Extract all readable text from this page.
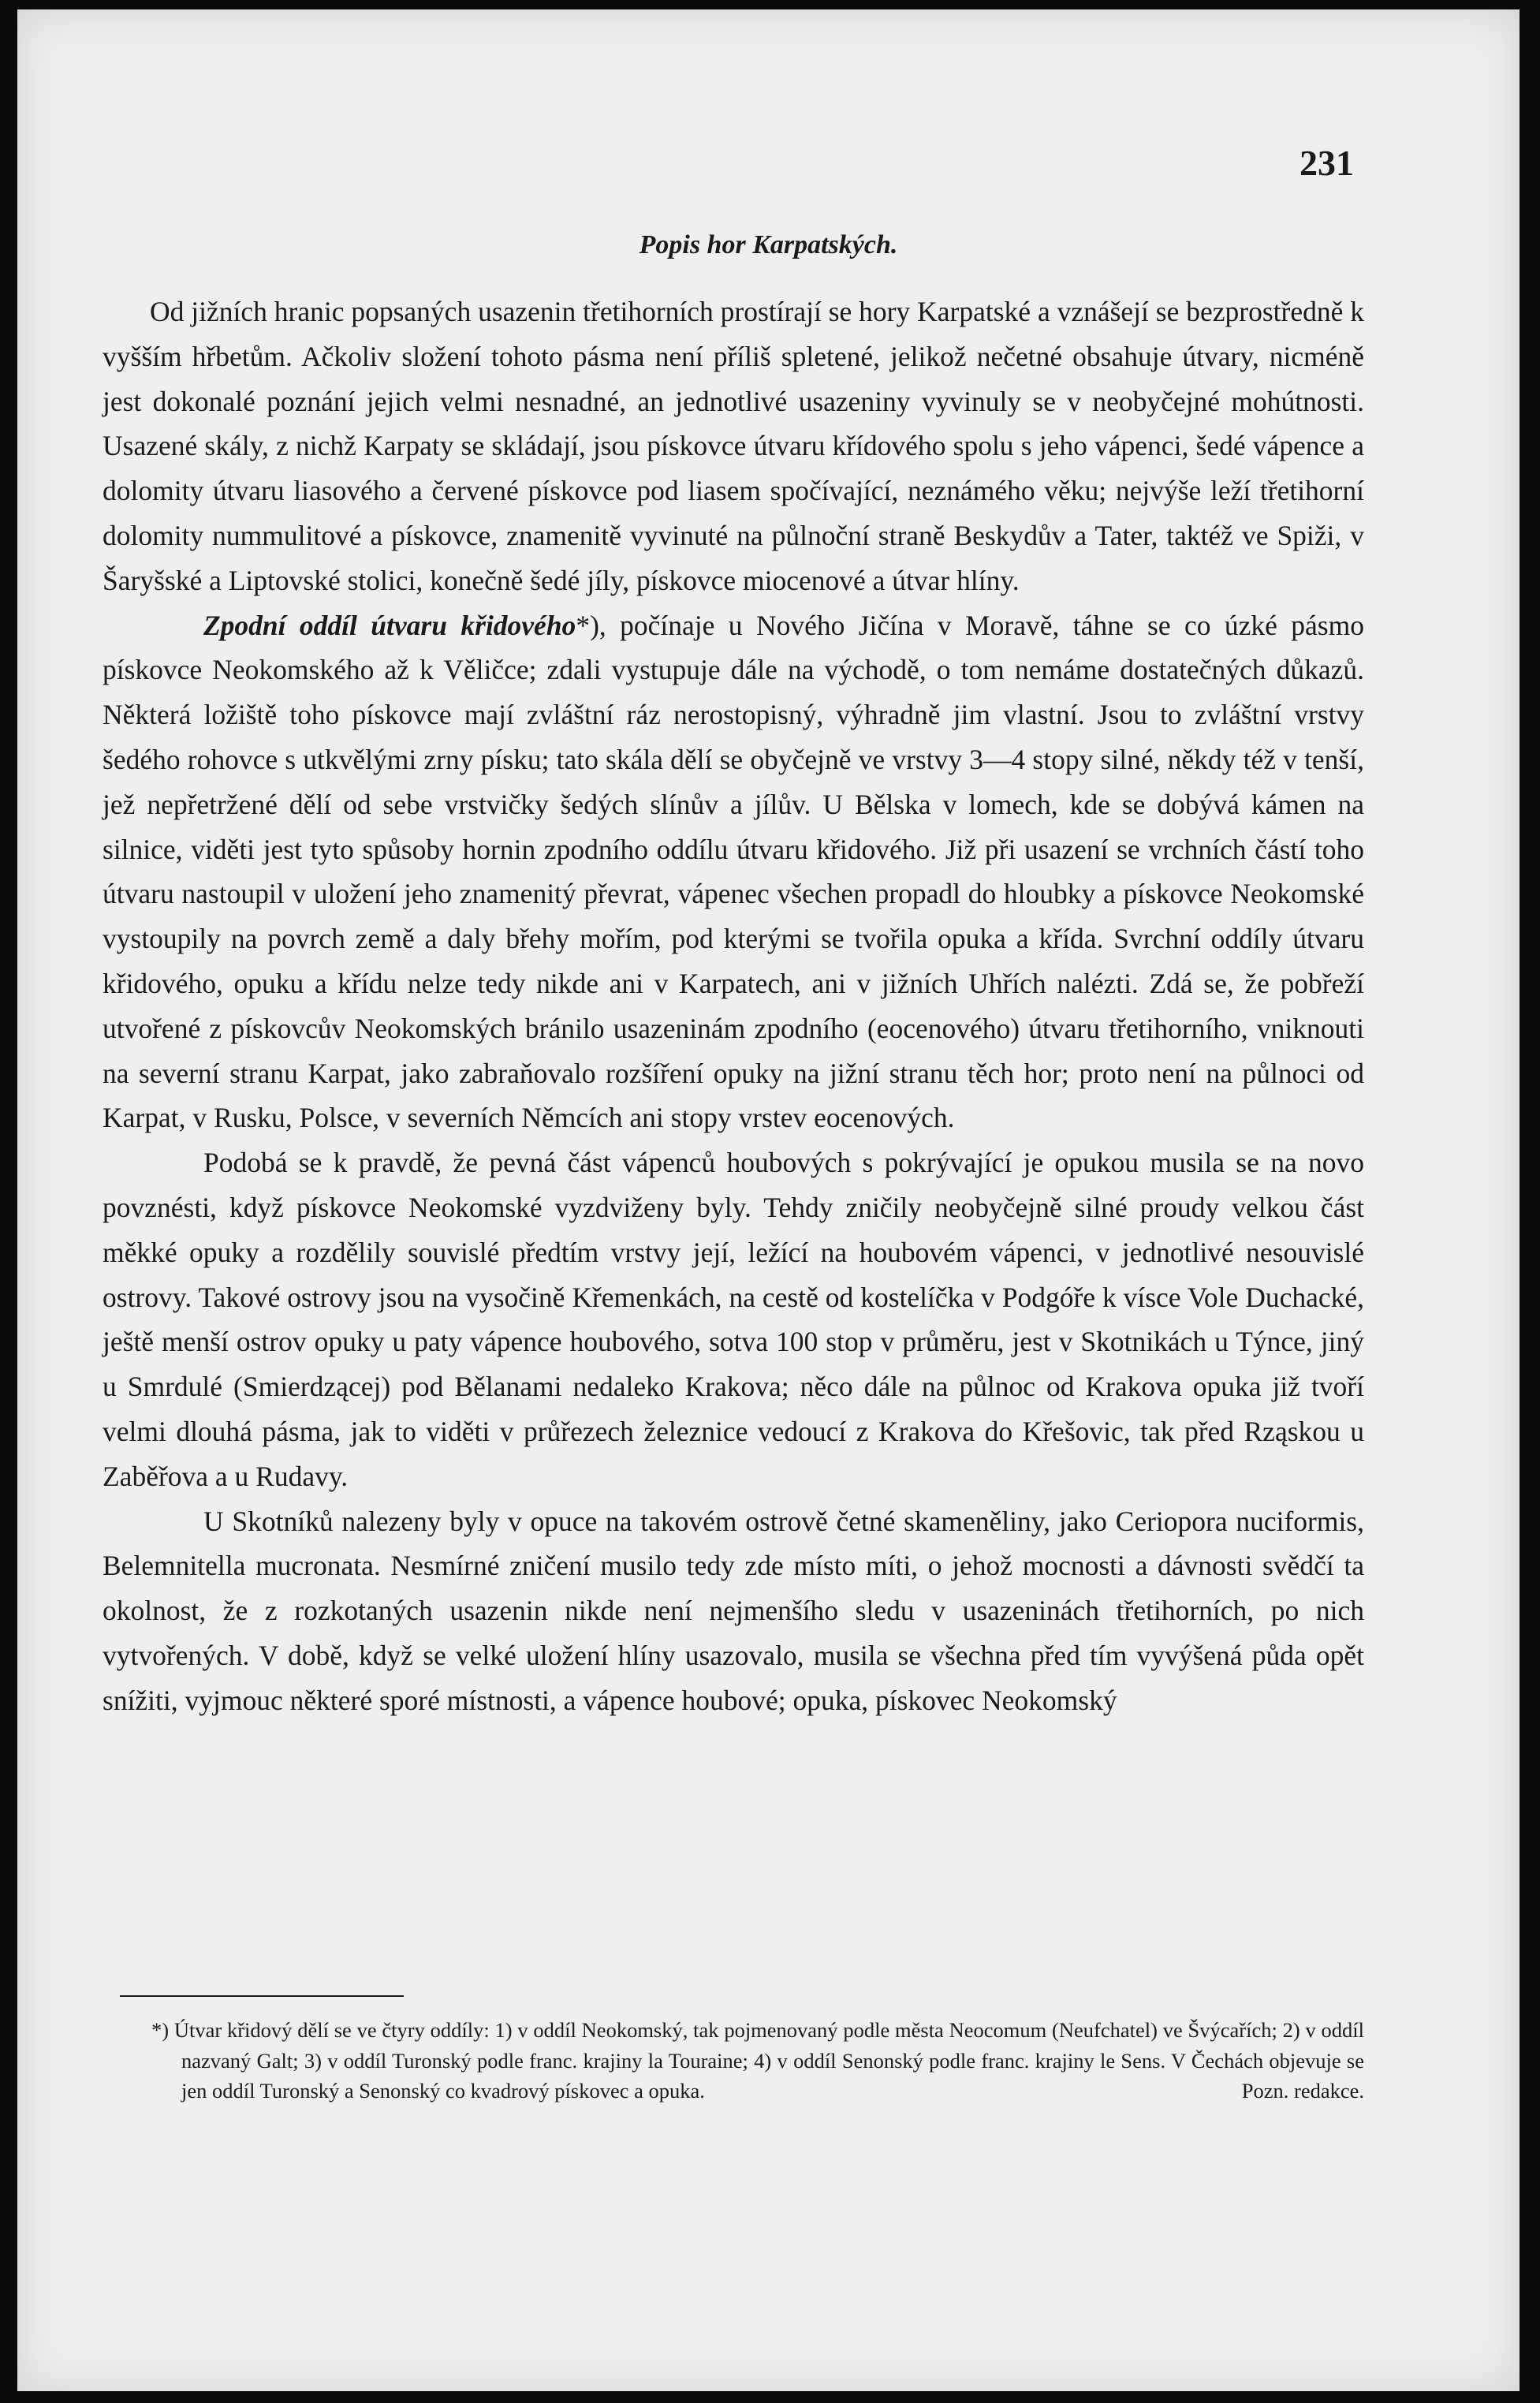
231
Popis hor Karpatských.

Od jižních hranic popsaných usazenin třetihorních prostírají se hory Karpatské a vznášejí se bezprostředně k vyšším hřbetům. Ačkoliv složení tohoto pásma není příliš spletené, jelikož nečetné obsahuje útvary, nicméně jest dokonalé poznání jejich velmi nesnadné, an jednotlivé usazeniny vyvinuly se v neobyčejné mohútnosti. Usazené skály, z nichž Karpaty se skládají, jsou pískovce útvaru křídového spolu s jeho vápenci, šedé vápence a dolomity útvaru liasového a červené pískovce pod liasem spočívající, neznámého věku; nejvýše leží třetihorní dolomity nummulitové a pískovce, znamenitě vyvinuté na půlnoční straně Beskydův a Tater, taktéž ve Spiži, v Šaryšské a Liptovské stolici, konečně šedé jíly, pískovce miocenové a útvar hlíny.

Zpodní oddíl útvaru křidového*), počínaje u Nového Jičína v Moravě, táhne se co úzké pásmo pískovce Neokomského až k Věličce; zdali vystupuje dále na východě, o tom nemáme dostatečných důkazů. Některá ložiště toho pískovce mají zvláštní ráz nerostopisný, výhradně jim vlastní. Jsou to zvláštní vrstvy šedého rohovce s utkvělými zrny písku; tato skála dělí se obyčejně ve vrstvy 3—4 stopy silné, někdy též v tenší, jež nepřetržené dělí od sebe vrstvičky šedých slínův a jílův. U Bělska v lomech, kde se dobývá kámen na silnice, viděti jest tyto spůsoby hornin zpodního oddílu útvaru křidového. Již při usazení se vrchních částí toho útvaru nastoupil v uložení jeho znamenitý převrat, vápenec všechen propadl do hloubky a pískovce Neokomské vystoupily na povrch země a daly břehy mořím, pod kterými se tvořila opuka a křída. Svrchní oddíly útvaru křidového, opuku a křídu nelze tedy nikde ani v Karpatech, ani v jižních Uhřích nalézti. Zdá se, že pobřeží utvořené z pískovcův Neokomských bránilo usazeninám zpodního (eocenového) útvaru třetihorního, vniknouti na severní stranu Karpat, jako zabraňovalo rozšíření opuky na jižní stranu těch hor; proto není na půlnoci od Karpat, v Rusku, Polsce, v severních Němcích ani stopy vrstev eocenových.

Podobá se k pravdě, že pevná část vápenců houbových s pokrývající je opukou musila se na novo povznésti, když pískovce Neokomské vyzdviženy byly. Tehdy zničily neobyčejně silné proudy velkou část měkké opuky a rozdělily souvislé předtím vrstvy její, ležící na houbovém vápenci, v jednotlivé nesouvislé ostrovy. Takové ostrovy jsou na vysočině Křemenkách, na cestě od kostelíčka v Podgóře k vísce Vole Duchacké, ještě menší ostrov opuky u paty vápence houbového, sotva 100 stop v průměru, jest v Skotnikách u Týnce, jiný u Smrdulé (Smierdzącej) pod Bělanami nedaleko Krakova; něco dále na půlnoc od Krakova opuka již tvoří velmi dlouhá pásma, jak to viděti v průřezech železnice vedoucí z Krakova do Křešovic, tak před Rząskou u Zaběřova a u Rudavy.

U Skotníků nalezeny byly v opuce na takovém ostrově četné skameněliny, jako Ceriopora nuciformis, Belemnitella mucronata. Nesmírné zničení musilo tedy zde místo míti, o jehož mocnosti a dávnosti svědčí ta okolnost, že z rozkotaných usazenin nikde není nejmenšího sledu v usazeninách třetihorních, po nich vytvořených. V době, když se velké uložení hlíny usazovalo, musila se všechna před tím vyvýšená půda opět snížiti, vyjmouc některé sporé místnosti, a vápence houbové; opuka, pískovec Neokomský

*) Útvar křidový dělí se ve čtyry oddíly: 1) v oddíl Neokomský, tak pojmenovaný podle města Neocomum (Neufchatel) ve Švýcařích; 2) v oddíl nazvaný Galt; 3) v oddíl Turonský podle franc. krajiny la Touraine; 4) v oddíl Senonský podle franc. krajiny le Sens. V Čechách objevuje se jen oddíl Turonský a Senonský co kvadrový pískovec a opuka.	Pozn. redakce.
